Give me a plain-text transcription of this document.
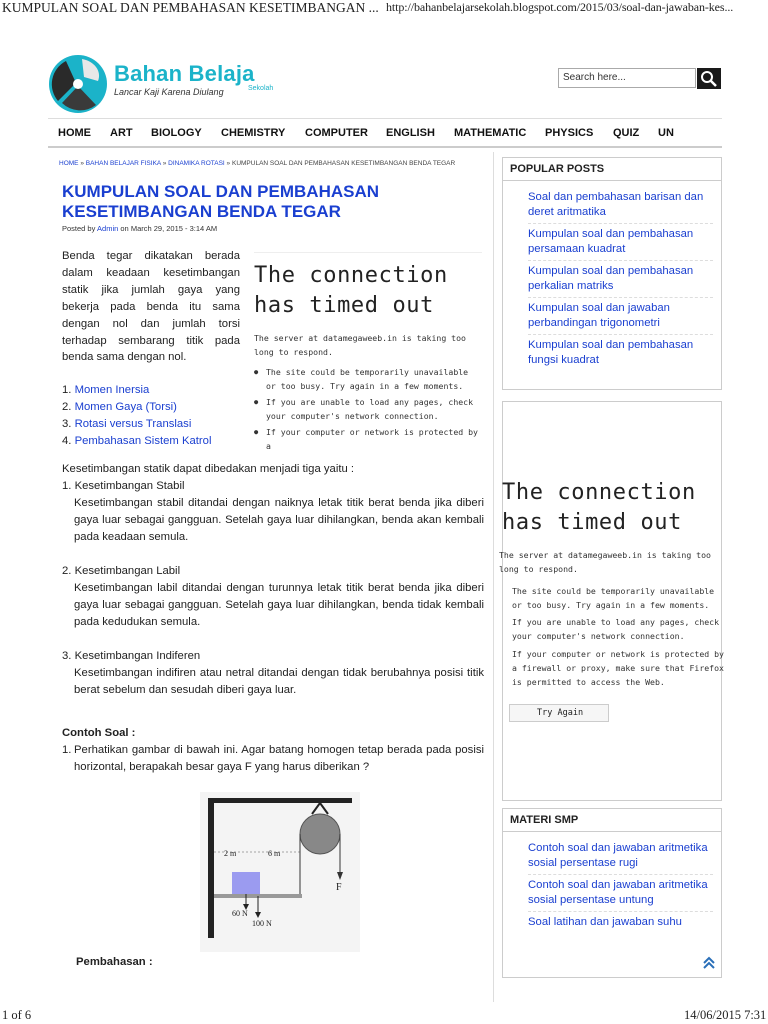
KUMPULAN SOAL DAN PEMBAHASAN KESETIMBANGAN ... http://bahanbelajarsekolah.blogspot.com/2015/03/soal-dan-jawaban-kes...
Bahan Belaja
Lancar Kaji Karena Diulang	Sekolah
Search here...
HOME ART BIOLOGY CHEMISTRY COMPUTER ENGLISH MATHEMATIC PHYSICS QUIZ UN
HOME » BAHAN BELAJAR FISIKA » DINAMIKA ROTASI » KUMPULAN SOAL DAN PEMBAHASAN KESETIMBANGAN BENDA TEGAR
KUMPULAN SOAL DAN PEMBAHASAN KESETIMBANGAN BENDA TEGAR
Posted by Admin on March 29, 2015 - 3:14 AM
Benda tegar dikatakan berada dalam keadaan kesetimbangan statik jika jumlah gaya yang bekerja pada benda itu sama dengan nol dan jumlah torsi terhadap sembarang titik pada benda sama dengan nol.
1. Momen Inersia
2. Momen Gaya (Torsi)
3. Rotasi versus Translasi
4. Pembahasan Sistem Katrol
The connection has timed out
The server at datamegaweeb.in is taking too long to respond.
● The site could be temporarily unavailable or too busy. Try again in a few moments.
● If you are unable to load any pages, check your computer's network connection.
● If your computer or network is protected by a
Kesetimbangan statik dapat dibedakan menjadi tiga yaitu :
1. Kesetimbangan Stabil
Kesetimbangan stabil ditandai dengan naiknya letak titik berat benda jika diberi gaya luar sebagai gangguan. Setelah gaya luar dihilangkan, benda akan kembali pada keadaan semula.
2. Kesetimbangan Labil
Kesetimbangan labil ditandai dengan turunnya letak titik berat benda jika diberi gaya luar sebagai gangguan. Setelah gaya luar dihilangkan, benda tidak kembali pada kedudukan semula.
3. Kesetimbangan Indiferen
Kesetimbangan indifiren atau netral ditandai dengan tidak berubahnya posisi titik berat sebelum dan sesudah diberi gaya luar.
Contoh Soal :
1. Perhatikan gambar di bawah ini. Agar batang homogen tetap berada pada posisi horizontal, berapakah besar gaya F yang harus diberikan ?
2 m	6 m
F
60 N
100 N
Pembahasan :
POPULAR POSTS
Soal dan pembahasan barisan dan deret aritmatika
Kumpulan soal dan pembahasan persamaan kuadrat
Kumpulan soal dan pembahasan perkalian matriks
Kumpulan soal dan jawaban perbandingan trigonometri
Kumpulan soal dan pembahasan fungsi kuadrat
The connection has timed out
The server at datamegaweeb.in is taking too long to respond.
The site could be temporarily unavailable or too busy. Try again in a few moments.
If you are unable to load any pages, check your computer's network connection.
If your computer or network is protected by a firewall or proxy, make sure that Firefox is permitted to access the Web.
Try Again
MATERI SMP
Contoh soal dan jawaban aritmetika sosial persentase rugi
Contoh soal dan jawaban aritmetika sosial persentase untung
Soal latihan dan jawaban suhu
1 of 6	14/06/2015 7:31
